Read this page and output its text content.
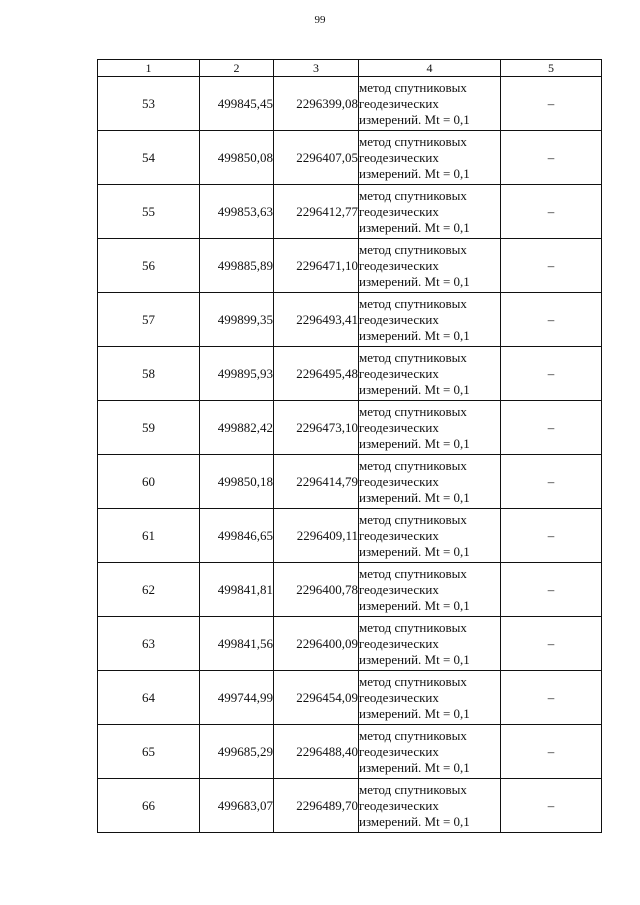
99
1	2	3	4	5
53	499845,45	2296399,08	метод спутниковых
геодезических
измерений. Mt = 0,1	–
54	499850,08	2296407,05	метод спутниковых
геодезических
измерений. Mt = 0,1	–
55	499853,63	2296412,77	метод спутниковых
геодезических
измерений. Mt = 0,1	–
56	499885,89	2296471,10	метод спутниковых
геодезических
измерений. Mt = 0,1	–
57	499899,35	2296493,41	метод спутниковых
геодезических
измерений. Mt = 0,1	–
58	499895,93	2296495,48	метод спутниковых
геодезических
измерений. Mt = 0,1	–
59	499882,42	2296473,10	метод спутниковых
геодезических
измерений. Mt = 0,1	–
60	499850,18	2296414,79	метод спутниковых
геодезических
измерений. Mt = 0,1	–
61	499846,65	2296409,11	метод спутниковых
геодезических
измерений. Mt = 0,1	–
62	499841,81	2296400,78	метод спутниковых
геодезических
измерений. Mt = 0,1	–
63	499841,56	2296400,09	метод спутниковых
геодезических
измерений. Mt = 0,1	–
64	499744,99	2296454,09	метод спутниковых
геодезических
измерений. Mt = 0,1	–
65	499685,29	2296488,40	метод спутниковых
геодезических
измерений. Mt = 0,1	–
66	499683,07	2296489,70	метод спутниковых
геодезических
измерений. Mt = 0,1	–
